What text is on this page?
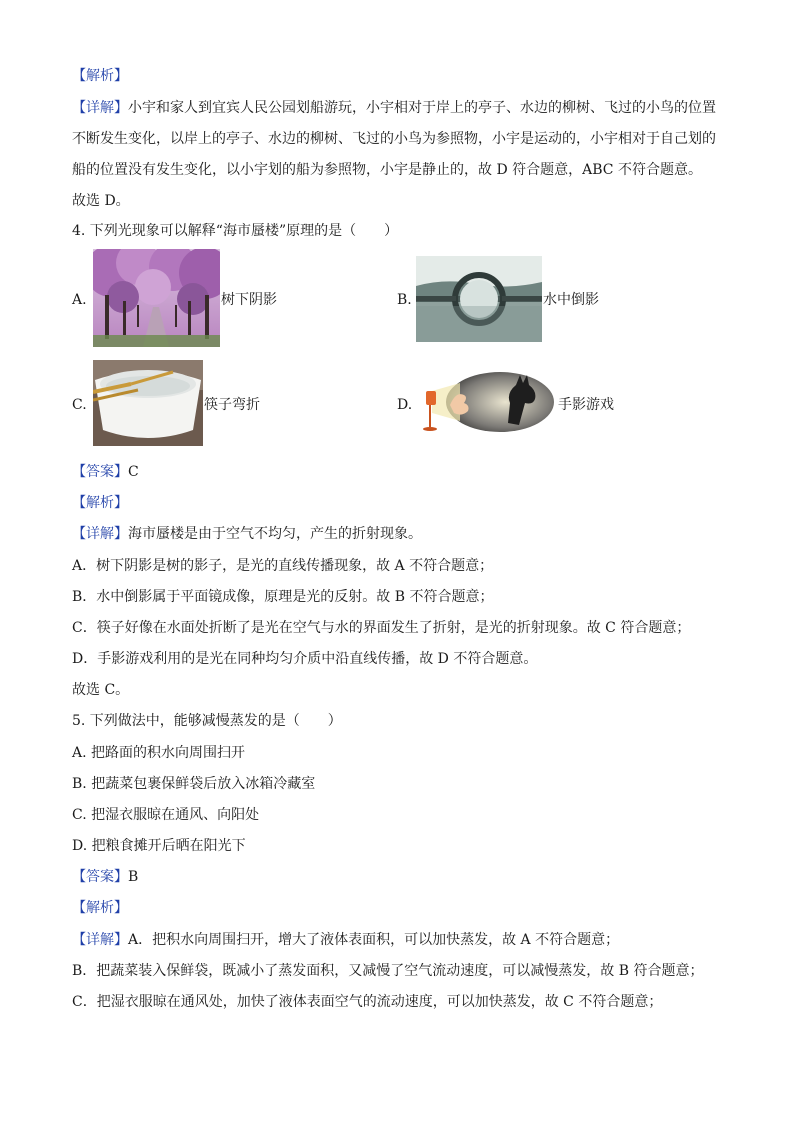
【解析】
【详解】小宇和家人到宜宾人民公园划船游玩，小宇相对于岸上的亭子、水边的柳树、飞过的小鸟的位置
不断发生变化，以岸上的亭子、水边的柳树、飞过的小鸟为参照物，小宇是运动的，小宇相对于自己划的
船的位置没有发生变化，以小宇划的船为参照物，小宇是静止的，故 D 符合题意，ABC 不符合题意。
故选 D。
4. 下列光现象可以解释“海市蜃楼”原理的是（　　）
A.	树下阴影	B.	水中倒影
C.	筷子弯折	D.	手影游戏
【答案】C
【解析】
【详解】海市蜃楼是由于空气不均匀，产生的折射现象。
A．树下阴影是树的影子，是光的直线传播现象，故 A 不符合题意；
B．水中倒影属于平面镜成像，原理是光的反射。故 B 不符合题意；
C．筷子好像在水面处折断了是光在空气与水的界面发生了折射，是光的折射现象。故 C 符合题意；
D．手影游戏利用的是光在同种均匀介质中沿直线传播，故 D 不符合题意。
故选 C。
5. 下列做法中，能够减慢蒸发的是（　　）
A. 把路面的积水向周围扫开
B. 把蔬菜包裹保鲜袋后放入冰箱冷藏室
C. 把湿衣服晾在通风、向阳处
D. 把粮食摊开后晒在阳光下
【答案】B
【解析】
【详解】A．把积水向周围扫开，增大了液体表面积，可以加快蒸发，故 A 不符合题意；
B．把蔬菜装入保鲜袋，既减小了蒸发面积，又减慢了空气流动速度，可以减慢蒸发，故 B 符合题意；
C．把湿衣服晾在通风处，加快了液体表面空气的流动速度，可以加快蒸发，故 C 不符合题意；
